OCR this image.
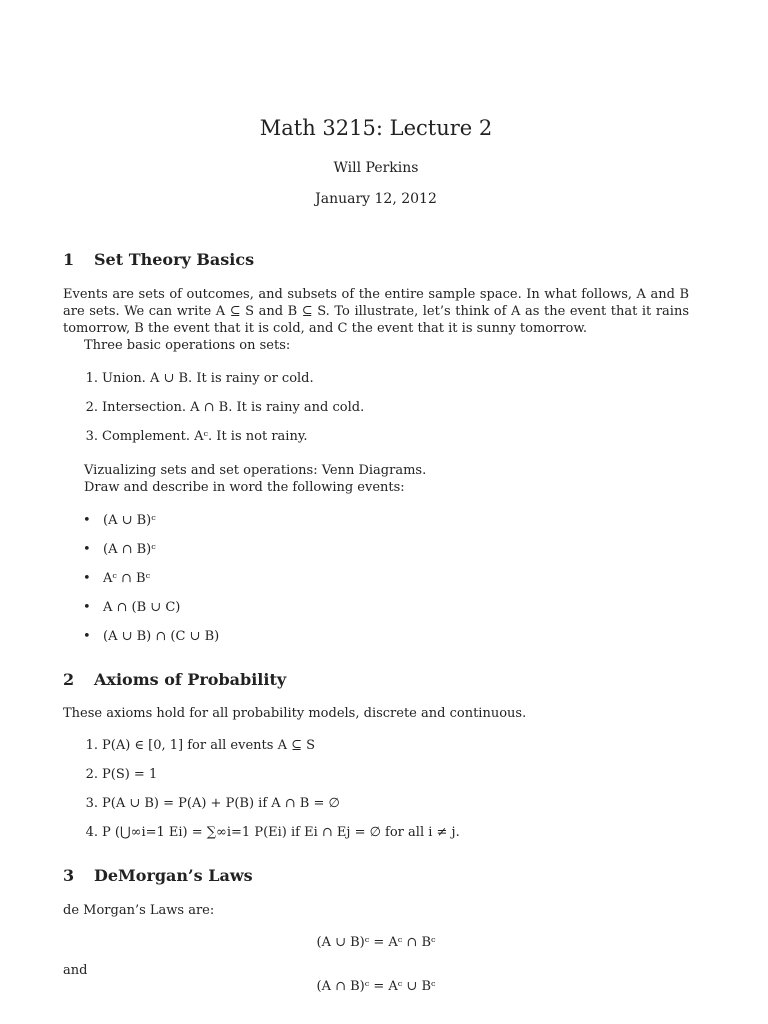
Math 3215: Lecture 2
Will Perkins
January 12, 2012
1 Set Theory Basics
Events are sets of outcomes, and subsets of the entire sample space. In what follows, A and B are sets. We can write A ⊆ S and B ⊆ S. To illustrate, let’s think of A as the event that it rains tomorrow, B the event that it is cold, and C the event that it is sunny tomorrow.
Three basic operations on sets:
1. Union. A ∪ B. It is rainy or cold.
2. Intersection. A ∩ B. It is rainy and cold.
3. Complement. Aᶜ. It is not rainy.
Vizualizing sets and set operations: Venn Diagrams.
Draw and describe in word the following events:
• (A ∪ B)ᶜ
• (A ∩ B)ᶜ
• Aᶜ ∩ Bᶜ
• A ∩ (B ∪ C)
• (A ∪ B) ∩ (C ∪ B)
2 Axioms of Probability
These axioms hold for all probability models, discrete and continuous.
1. P(A) ∈ [0, 1] for all events A ⊆ S
2. P(S) = 1
3. P(A ∪ B) = P(A) + P(B) if A ∩ B = ∅
4. P (⋃∞i=1 Ei) = ∑∞i=1 P(Ei) if Ei ∩ Ej = ∅ for all i ≠ j.
3 DeMorgan’s Laws
de Morgan’s Laws are:
(A ∪ B)ᶜ = Aᶜ ∩ Bᶜ
and
(A ∩ B)ᶜ = Aᶜ ∪ Bᶜ
